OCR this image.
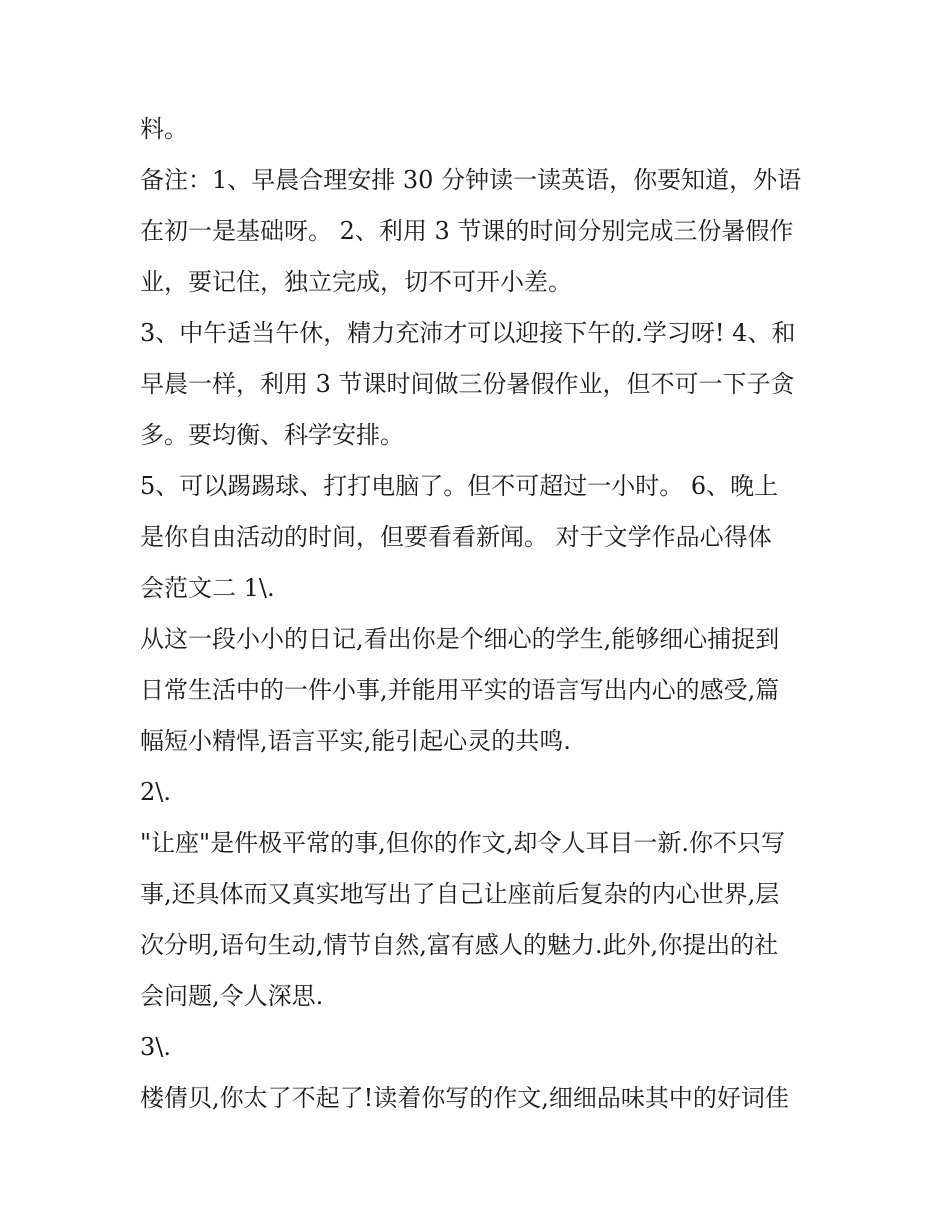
料。
备注：1、早晨合理安排 30 分钟读一读英语，你要知道，外语
在初一是基础呀。 2、利用 3 节课的时间分别完成三份暑假作
业，要记住，独立完成，切不可开小差。
3、中午适当午休，精力充沛才可以迎接下午的.学习呀! 4、和
早晨一样，利用 3 节课时间做三份暑假作业，但不可一下子贪
多。要均衡、科学安排。
5、可以踢踢球、打打电脑了。但不可超过一小时。 6、晚上
是你自由活动的时间，但要看看新闻。 对于文学作品心得体
会范文二 1\.
从这一段小小的日记,看出你是个细心的学生,能够细心捕捉到
日常生活中的一件小事,并能用平实的语言写出内心的感受,篇
幅短小精悍,语言平实,能引起心灵的共鸣.
2\.
"让座"是件极平常的事,但你的作文,却令人耳目一新.你不只写
事,还具体而又真实地写出了自己让座前后复杂的内心世界,层
次分明,语句生动,情节自然,富有感人的魅力.此外,你提出的社
会问题,令人深思.
3\.
楼倩贝,你太了不起了!读着你写的作文,细细品味其中的好词佳
